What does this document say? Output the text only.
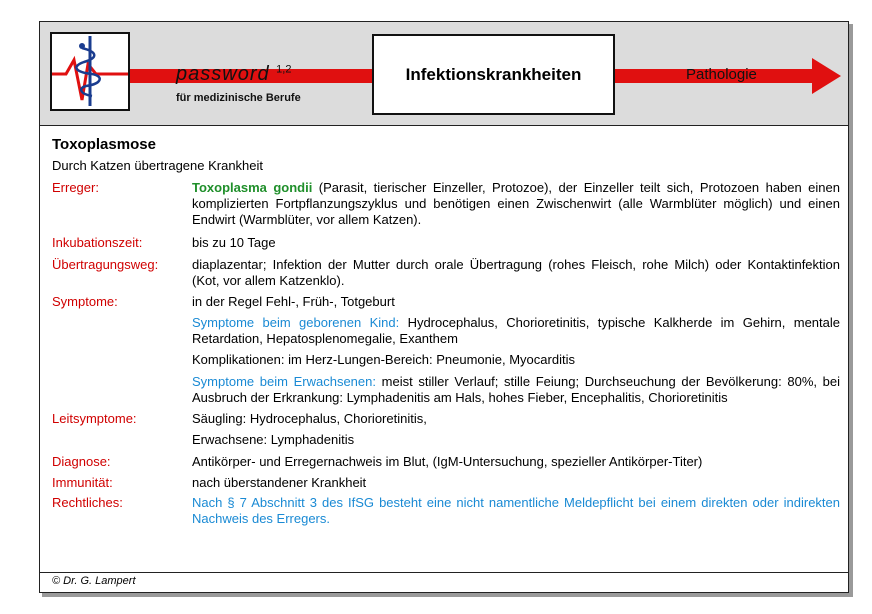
password $^{1,2}$
für medizinische Berufe
Infektionskrankheiten	Pathologie
Toxoplasmose
Durch Katzen übertragene Krankheit
Erreger:	Toxoplasma gondii (Parasit, tierischer Einzeller, Protozoe), der Einzeller teilt sich, Protozoen haben einen komplizierten Fortpflanzungszyklus und benötigen einen Zwischenwirt (alle Warmblüter möglich) und einen Endwirt (Warmblüter, vor allem Katzen).
Inkubationszeit:	bis zu 10 Tage
Übertragungsweg:	diaplazentar; Infektion der Mutter durch orale Übertragung (rohes Fleisch, rohe Milch) oder Kontaktinfektion (Kot, vor allem Katzenklo).
Symptome:	in der Regel Fehl-, Früh-, Totgeburt
Symptome beim geborenen Kind: Hydrocephalus, Chorioretinitis, typische Kalkherde im Gehirn, mentale Retardation, Hepatosplenomegalie, Exanthem
Komplikationen: im Herz-Lungen-Bereich: Pneumonie, Myocarditis
Symptome beim Erwachsenen: meist stiller Verlauf; stille Feiung; Durchseuchung der Bevölkerung: 80%, bei Ausbruch der Erkrankung: Lymphadenitis am Hals, hohes Fieber, Encephalitis, Chorioretinitis
Leitsymptome:	Säugling: Hydrocephalus, Chorioretinitis,
Erwachsene: Lymphadenitis
Diagnose:	Antikörper- und Erregernachweis im Blut, (IgM-Untersuchung, spezieller Antikörper-Titer)
Immunität:	nach überstandener Krankheit
Rechtliches:	Nach § 7 Abschnitt 3 des IfSG besteht eine nicht namentliche Meldepflicht bei einem direkten oder indirekten Nachweis des Erregers.
© Dr. G. Lampert
